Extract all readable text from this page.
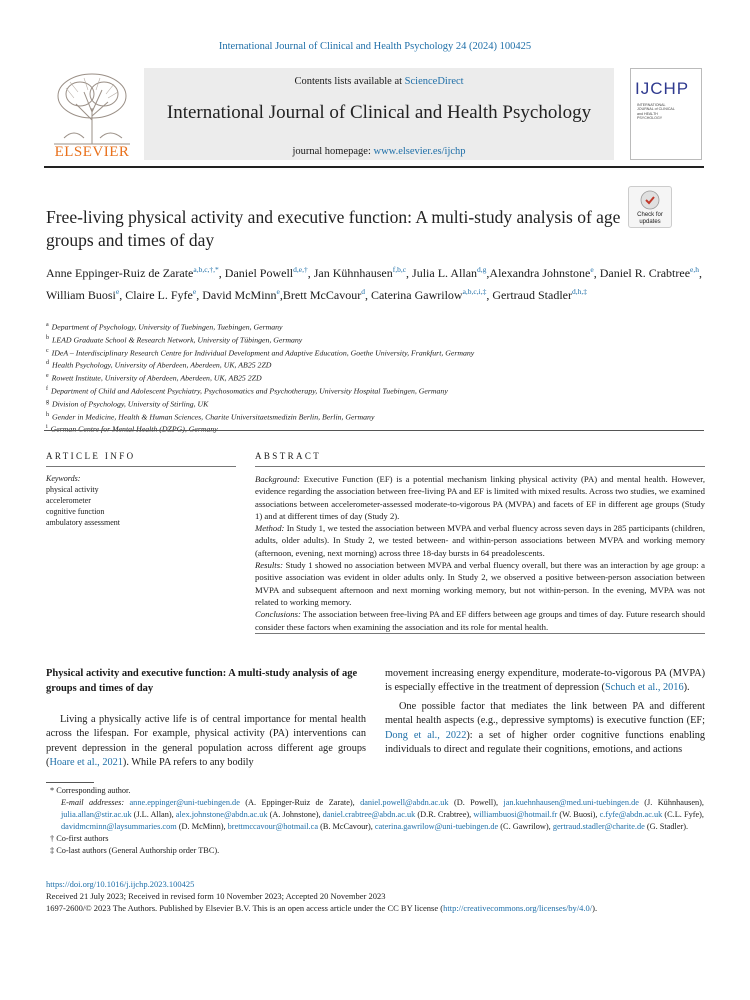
International Journal of Clinical and Health Psychology 24 (2024) 100425
ELSEVIER
Contents lists available at ScienceDirect
International Journal of Clinical and Health Psychology
journal homepage: www.elsevier.es/ijchp
IJCHP
INTERNATIONAL JOURNAL of CLINICAL and HEALTH PSYCHOLOGY
Free-living physical activity and executive function: A multi-study analysis of age groups and times of day
Check for updates
Anne Eppinger-Ruiz de Zarate$^{a,b,c,\dagger,*}$, Daniel Powell$^{d,e,\dagger}$, Jan Kühnhausen$^{f,b,c}$, Julia L. Allan$^{d,g}$,Alexandra Johnstone$^e$, Daniel R. Crabtree$^{e,h}$, William Buosi$^e$, Claire L. Fyfe$^e$, David McMinn$^e$,Brett McCavour$^d$, Caterina Gawrilow$^{a,b,c,i,\ddagger}$, Gertraud Stadler$^{d,h,\ddagger}$
$^a$ Department of Psychology, University of Tuebingen, Tuebingen, Germany
$^b$ LEAD Graduate School & Research Network, University of Tübingen, Germany
$^c$ IDeA – Interdisciplinary Research Centre for Individual Development and Adaptive Education, Goethe University, Frankfurt, Germany
$^d$ Health Psychology, University of Aberdeen, Aberdeen, UK, AB25 2ZD
$^e$ Rowett Institute, University of Aberdeen, Aberdeen, UK, AB25 2ZD
$^f$ Department of Child and Adolescent Psychiatry, Psychosomatics and Psychotherapy, University Hospital Tuebingen, Germany
$^g$ Division of Psychology, University of Stirling, UK
$^h$ Gender in Medicine, Health & Human Sciences, Charite Universitaetsmedizin Berlin, Berlin, Germany
$^i$
ARTICLE INFO
Keywords:
physical activity
accelerometer
cognitive function
ambulatory assessment
ABSTRACT
Background: Executive Function (EF) is a potential mechanism linking physical activity (PA) and mental health. However, evidence regarding the association between free-living PA and EF is limited with mixed results. Across two studies, we examined associations between accelerometer-assessed moderate-to-vigorous PA (MVPA) and facets of EF in different age groups (Study 1) and at different times of day (Study 2).
Method: In Study 1, we tested the association between MVPA and verbal fluency across seven days in 285 participants (children, adults, older adults). In Study 2, we tested between- and within-person associations between MVPA and working memory (afternoon, evening, next morning) across three 18-day bursts in 64 preadolescents.
Results: Study 1 showed no association between MVPA and verbal fluency overall, but there was an interaction by age group: a positive association was evident in older adults only. In Study 2, we observed a positive between-person association between MVPA and subsequent afternoon and next morning working memory, but not within-person. In the evening, MVPA was not related to working memory.
Conclusions: The association between free-living PA and EF differs between age groups and times of day. Future research should consider these factors when examining the association and its role for mental health.
Physical activity and executive function: A multi-study analysis of age groups and times of day
Living a physically active life is of central importance for mental health across the lifespan. For example, physical activity (PA) interventions can prevent depression in the general population across different age groups (Hoare et al., 2021). While PA refers to any bodily
movement increasing energy expenditure, moderate-to-vigorous PA (MVPA) is especially effective in the treatment of depression (Schuch et al., 2016).
One possible factor that mediates the link between PA and different mental health aspects (e.g., depressive symptoms) is executive function (EF; Dong et al., 2022): a set of higher order cognitive functions enabling individuals to direct and regulate their cognitions, emotions, and actions
* Corresponding author.
E-mail addresses: anne.eppinger@uni-tuebingen.de (A. Eppinger-Ruiz de Zarate), daniel.powell@abdn.ac.uk (D. Powell), jan.kuehnhausen@med.uni-tuebingen.de (J. Kühnhausen), julia.allan@stir.ac.uk (J.L. Allan), alex.johnstone@abdn.ac.uk (A. Johnstone), daniel.crabtree@abdn.ac.uk (D.R. Crabtree), williambuosi@hotmail.fr (W. Buosi), c.fyfe@abdn.ac.uk (C.L. Fyfe), davidmcminn@laysummaries.com (D. McMinn), brettmccavour@hotmail.ca (B. McCavour), caterina.gawrilow@uni-tuebingen.de (C. Gawrilow), gertraud.stadler@charite.de (G. Stadler).
† Co-first authors
‡ Co-last authors (General Authorship order TBC).
https://doi.org/10.1016/j.ijchp.2023.100425
Received 21 July 2023; Received in revised form 10 November 2023; Accepted 20 November 2023
1697-2600/© 2023 The Authors. Published by Elsevier B.V. This is an open access article under the CC BY license (http://creativecommons.org/licenses/by/4.0/).
